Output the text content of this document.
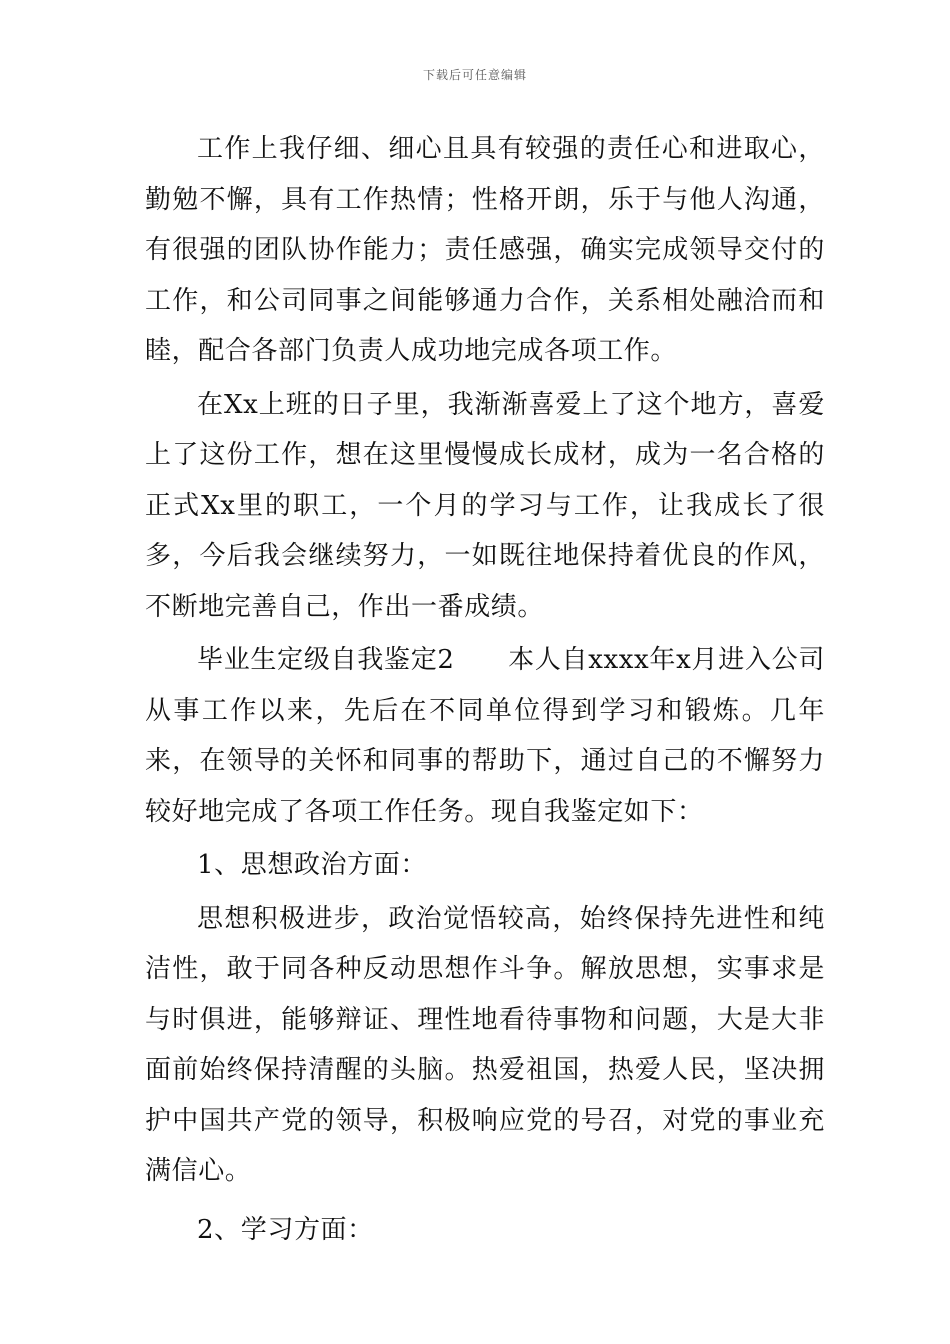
下载后可任意编辑

工作上我仔细、细心且具有较强的责任心和进取心，勤勉不懈，具有工作热情；性格开朗，乐于与他人沟通，有很强的团队协作能力；责任感强，确实完成领导交付的工作，和公司同事之间能够通力合作，关系相处融洽而和睦，配合各部门负责人成功地完成各项工作。

在Xx上班的日子里，我渐渐喜爱上了这个地方，喜爱上了这份工作，想在这里慢慢成长成材，成为一名合格的正式Xx里的职工，一个月的学习与工作，让我成长了很多，今后我会继续努力，一如既往地保持着优良的作风，不断地完善自己，作出一番成绩。

毕业生定级自我鉴定2　　本人自xxxx年x月进入公司从事工作以来，先后在不同单位得到学习和锻炼。几年来，在领导的关怀和同事的帮助下，通过自己的不懈努力较好地完成了各项工作任务。现自我鉴定如下：

1、思想政治方面：

思想积极进步，政治觉悟较高，始终保持先进性和纯洁性，敢于同各种反动思想作斗争。解放思想，实事求是与时俱进，能够辩证、理性地看待事物和问题，大是大非面前始终保持清醒的头脑。热爱祖国，热爱人民，坚决拥护中国共产党的领导，积极响应党的号召，对党的事业充满信心。

2、学习方面：
